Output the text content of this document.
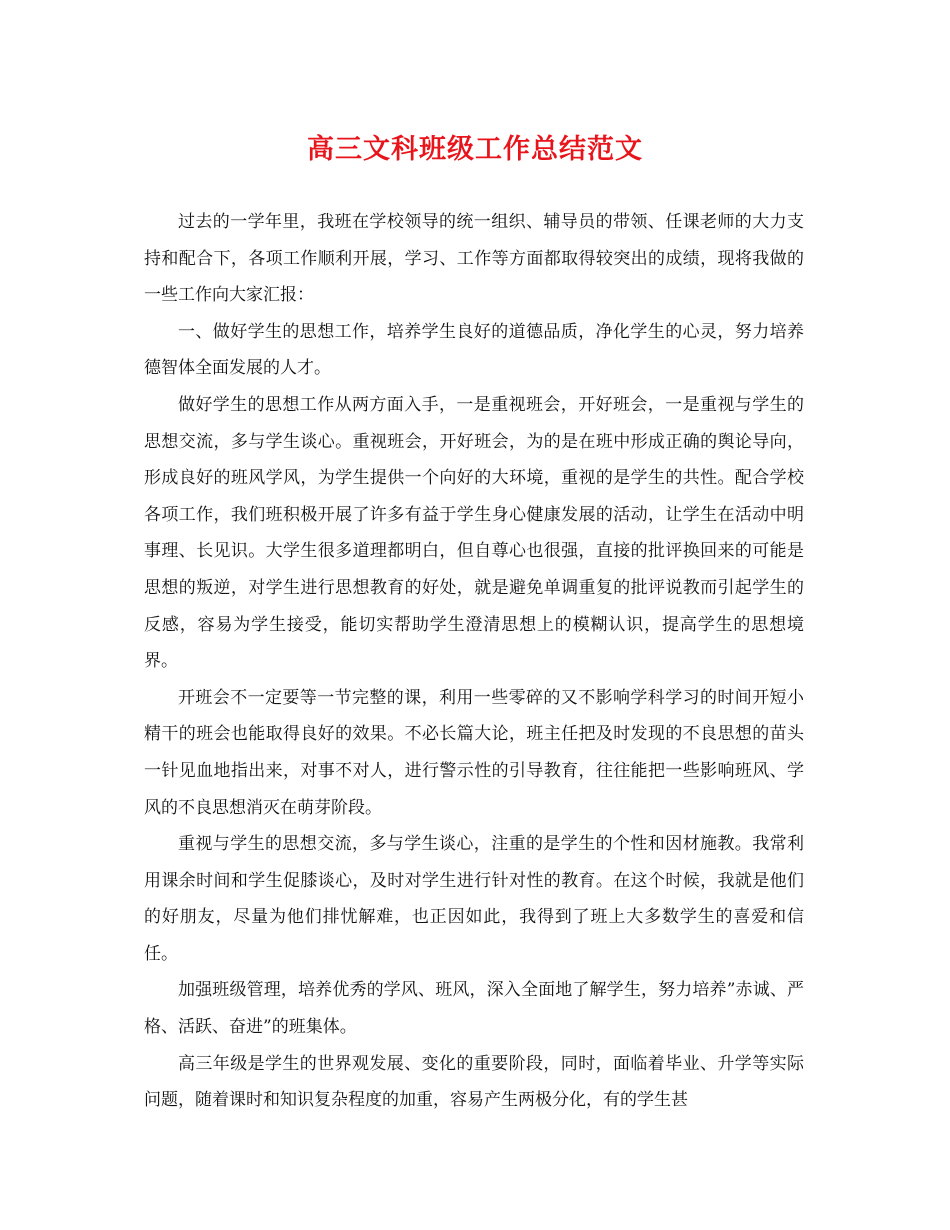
高三文科班级工作总结范文

过去的一学年里，我班在学校领导的统一组织、辅导员的带领、任课老师的大力支持和配合下，各项工作顺利开展，学习、工作等方面都取得较突出的成绩，现将我做的一些工作向大家汇报：

一、做好学生的思想工作，培养学生良好的道德品质，净化学生的心灵，努力培养德智体全面发展的人才。

做好学生的思想工作从两方面入手，一是重视班会，开好班会，一是重视与学生的思想交流，多与学生谈心。重视班会，开好班会，为的是在班中形成正确的舆论导向，形成良好的班风学风，为学生提供一个向好的大环境，重视的是学生的共性。配合学校各项工作，我们班积极开展了许多有益于学生身心健康发展的活动，让学生在活动中明事理、长见识。大学生很多道理都明白，但自尊心也很强，直接的批评换回来的可能是思想的叛逆，对学生进行思想教育的好处，就是避免单调重复的批评说教而引起学生的反感，容易为学生接受，能切实帮助学生澄清思想上的模糊认识，提高学生的思想境界。

开班会不一定要等一节完整的课，利用一些零碎的又不影响学科学习的时间开短小精干的班会也能取得良好的效果。不必长篇大论，班主任把及时发现的不良思想的苗头一针见血地指出来，对事不对人，进行警示性的引导教育，往往能把一些影响班风、学风的不良思想消灭在萌芽阶段。

重视与学生的思想交流，多与学生谈心，注重的是学生的个性和因材施教。我常利用课余时间和学生促膝谈心，及时对学生进行针对性的教育。在这个时候，我就是他们的好朋友，尽量为他们排忧解难，也正因如此，我得到了班上大多数学生的喜爱和信任。

加强班级管理，培养优秀的学风、班风，深入全面地了解学生，努力培养”赤诚、严格、活跃、奋进”的班集体。

高三年级是学生的世界观发展、变化的重要阶段，同时，面临着毕业、升学等实际问题，随着课时和知识复杂程度的加重，容易产生两极分化，有的学生甚
